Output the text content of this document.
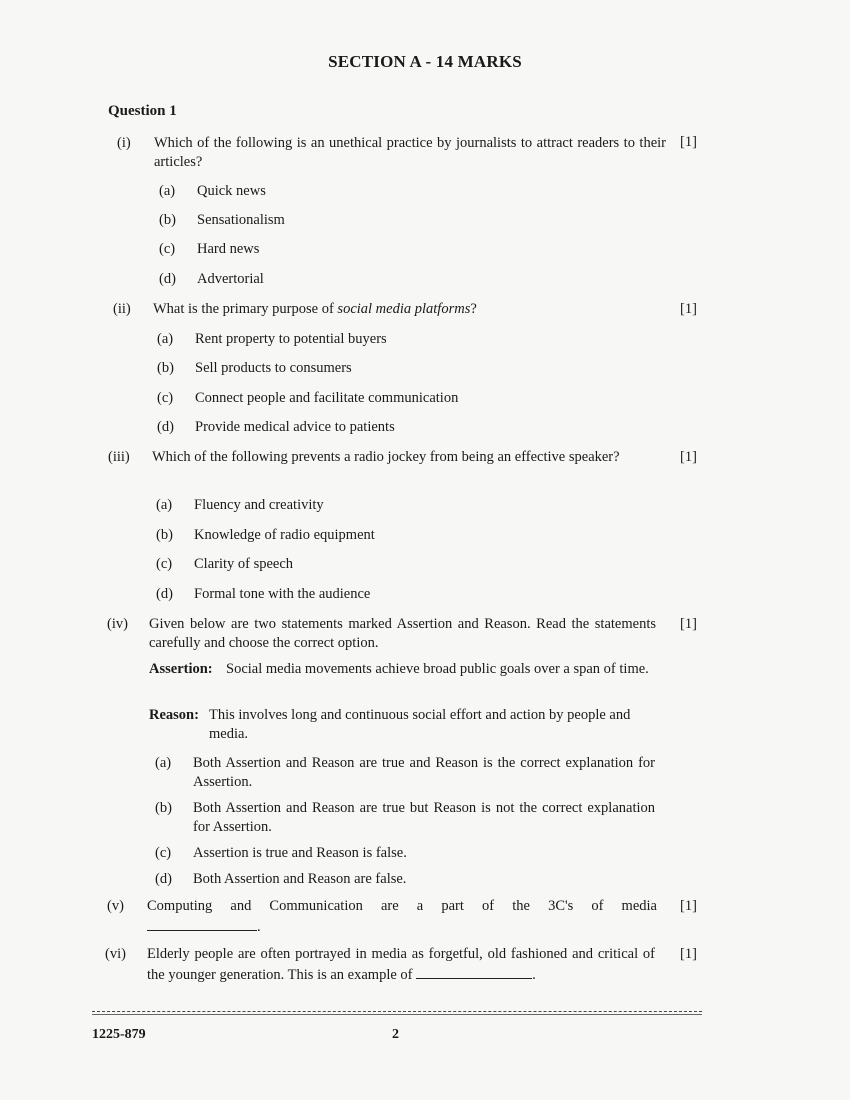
SECTION A - 14 MARKS
Question 1
(i) Which of the following is an unethical practice by journalists to attract readers to their articles?
[1]
(a) Quick news
(b) Sensationalism
(c) Hard news
(d) Advertorial
(ii) What is the primary purpose of social media platforms?	[1]
(a) Rent property to potential buyers
(b) Sell products to consumers
(c) Connect people and facilitate communication
(d) Provide medical advice to patients
(iii) Which of the following prevents a radio jockey from being an effective speaker?	[1]
(a) Fluency and creativity
(b) Knowledge of radio equipment
(c) Clarity of speech
(d) Formal tone with the audience
(iv) Given below are two statements marked Assertion and Reason. Read the statements carefully and choose the correct option.
[1]
Assertion: Social media movements achieve broad public goals over a span of time.
Reason: This involves long and continuous social effort and action by people and media.
(a) Both Assertion and Reason are true and Reason is the correct explanation for Assertion.
(b) Both Assertion and Reason are true but Reason is not the correct explanation for Assertion.
(c) Assertion is true and Reason is false.
(d) Both Assertion and Reason are false.
(v) Computing and Communication are a part of the 3C's of media
.
[1]
(vi) Elderly people are often portrayed in media as forgetful, old fashioned and critical of the younger generation. This is an example of	.
[1]
1225-879	2
